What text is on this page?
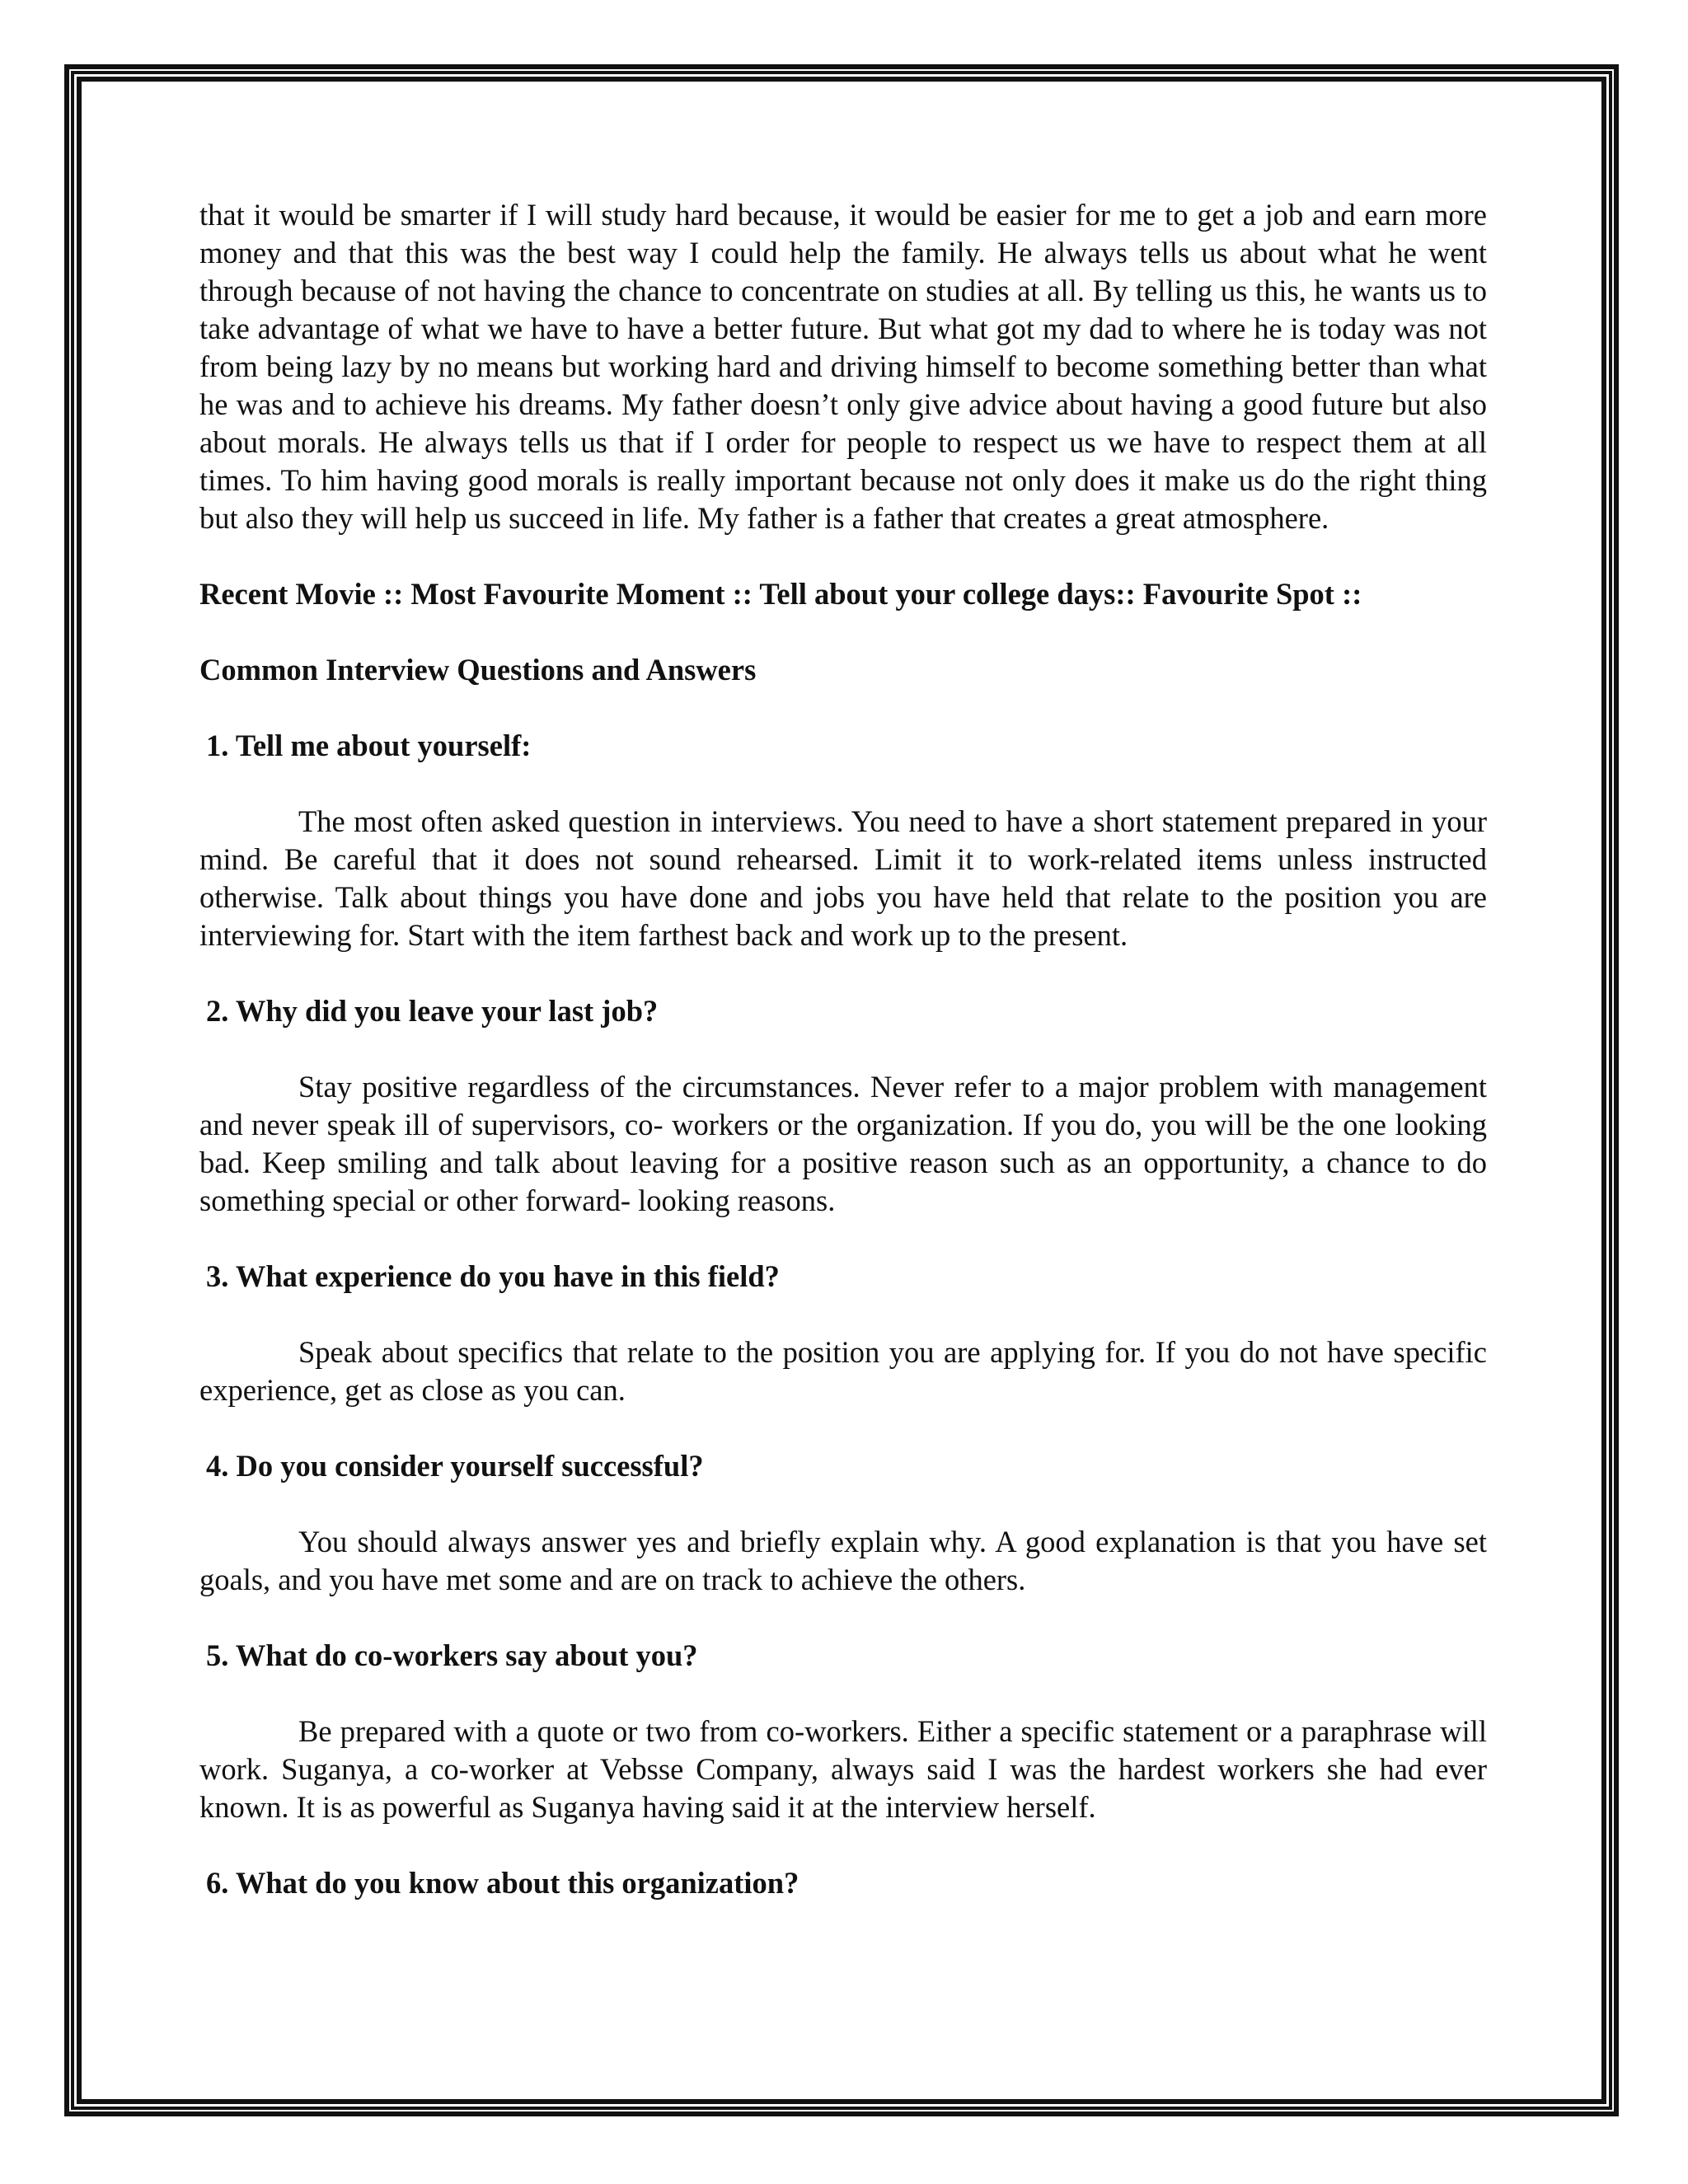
that it would be smarter if I will study hard because, it would be easier for me to get a job and earn more money and that this was the best way I could help the family. He always tells us about what he went through because of not having the chance to concentrate on studies at all. By telling us this, he wants us to take advantage of what we have to have a better future. But what got my dad to where he is today was not from being lazy by no means but working hard and driving himself to become something better than what he was and to achieve his dreams. My father doesn’t only give advice about having a good future but also about morals. He always tells us that if I order for people to respect us we have to respect them at all times. To him having good morals is really important because not only does it make us do the right thing but also they will help us succeed in life. My father is a father that creates a great atmosphere.

Recent Movie :: Most Favourite Moment :: Tell about your college days:: Favourite Spot ::

Common Interview Questions and Answers

1. Tell me about yourself:

The most often asked question in interviews. You need to have a short statement prepared in your mind. Be careful that it does not sound rehearsed. Limit it to work-related items unless instructed otherwise. Talk about things you have done and jobs you have held that relate to the position you are interviewing for. Start with the item farthest back and work up to the present.

2. Why did you leave your last job?

Stay positive regardless of the circumstances. Never refer to a major problem with management and never speak ill of supervisors, co- workers or the organization. If you do, you will be the one looking bad. Keep smiling and talk about leaving for a positive reason such as an opportunity, a chance to do something special or other forward- looking reasons.

3. What experience do you have in this field?

Speak about specifics that relate to the position you are applying for. If you do not have specific experience, get as close as you can.

4. Do you consider yourself successful?

You should always answer yes and briefly explain why. A good explanation is that you have set goals, and you have met some and are on track to achieve the others.

5. What do co-workers say about you?

Be prepared with a quote or two from co-workers. Either a specific statement or a paraphrase will work. Suganya, a co-worker at Vebsse Company, always said I was the hardest workers she had ever known. It is as powerful as Suganya having said it at the interview herself.

6. What do you know about this organization?
